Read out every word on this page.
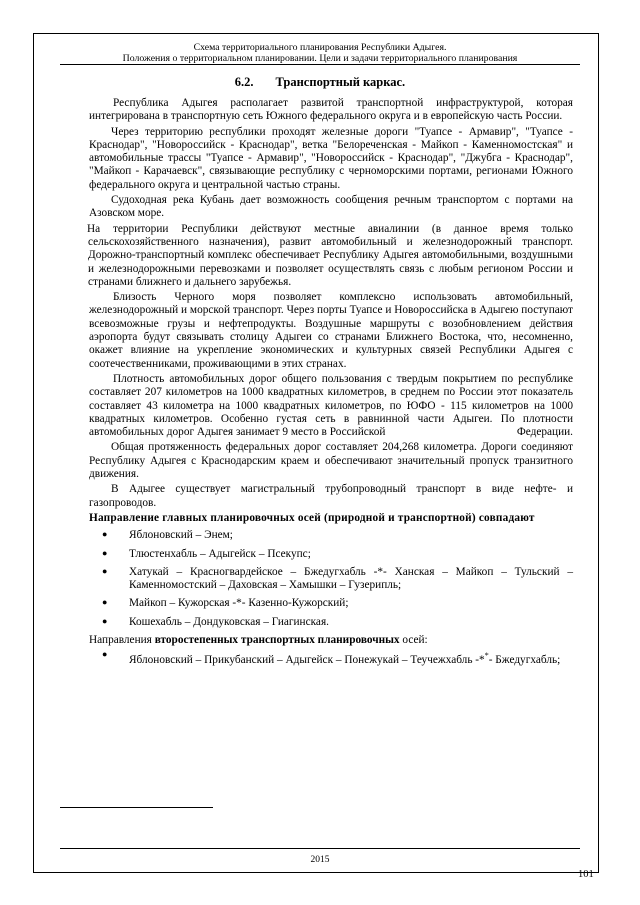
Схема территориального планирования Республики Адыгея.
Положения о территориальном планировании. Цели и задачи территориального планирования
6.2. Транспортный каркас.

Республика Адыгея располагает развитой транспортной инфраструктурой, которая интегрирована в транспортную сеть Южного федерального округа и в европейскую часть России.

Через территорию республики проходят железные дороги "Туапсе - Армавир", "Туапсе - Краснодар", "Новороссийск - Краснодар", ветка "Белореченская - Майкоп - Каменномостская" и автомобильные трассы "Туапсе - Армавир", "Новороссийск - Краснодар", "Джубга - Краснодар", "Майкоп - Карачаевск", связывающие республику с черноморскими портами, регионами Южного федерального округа и центральной частью страны.

Судоходная река Кубань дает возможность сообщения речным транспортом с портами на Азовском море.

На территории Республики действуют местные авиалинии (в данное время только сельскохозяйственного назначения), развит автомобильный и железнодорожный транспорт. Дорожно-транспортный комплекс обеспечивает Республику Адыгея автомобильными, воздушными и железнодорожными перевозками и позволяет осуществлять связь с любым регионом России и странами ближнего и дальнего зарубежья.

Близость Черного моря позволяет комплексно использовать автомобильный, железнодорожный и морской транспорт. Через порты Туапсе и Новороссийска в Адыгею поступают всевозможные грузы и нефтепродукты. Воздушные маршруты с возобновлением действия аэропорта будут связывать столицу Адыгеи со странами Ближнего Востока, что, несомненно, окажет влияние на укрепление экономических и культурных связей Республики Адыгея с соотечественниками, проживающими в этих странах.

Плотность автомобильных дорог общего пользования с твердым покрытием по республике составляет 207 километров на 1000 квадратных километров, в среднем по России этот показатель составляет 43 километра на 1000 квадратных километров, по ЮФО - 115 километров на 1000 квадратных километров. Особенно густая сеть в равнинной части Адыгеи. По плотности автомобильных дорог Адыгея занимает 9 место в Российской	Федерации.

Общая протяженность федеральных дорог составляет 204,268 километра. Дороги соединяют Республику Адыгея с Краснодарским краем и обеспечивают значительный пропуск транзитного движения.

В Адыгее существует магистральный трубопроводный транспорт в виде нефте- и газопроводов.

Направление главных планировочных осей (природной и транспортной) совпадают

● Яблоновский – Энем;
● Тлюстенхабль – Адыгейск – Псекупс;
● Хатукай – Красногвардейское – Бжедугхабль -*- Ханская – Майкоп – Тульский – Каменномостский – Даховская – Хамышки – Гузерипль;
● Майкоп – Кужорская -*- Казенно-Кужорский;
● Кошехабль – Дондуковская – Гиагинская.

Направления второстепенных транспортных планировочных осей:

● Яблоновский – Прикубанский – Адыгейск – Понежукай – Теучежхабль -**- Бжедугхабль;
2015
101
